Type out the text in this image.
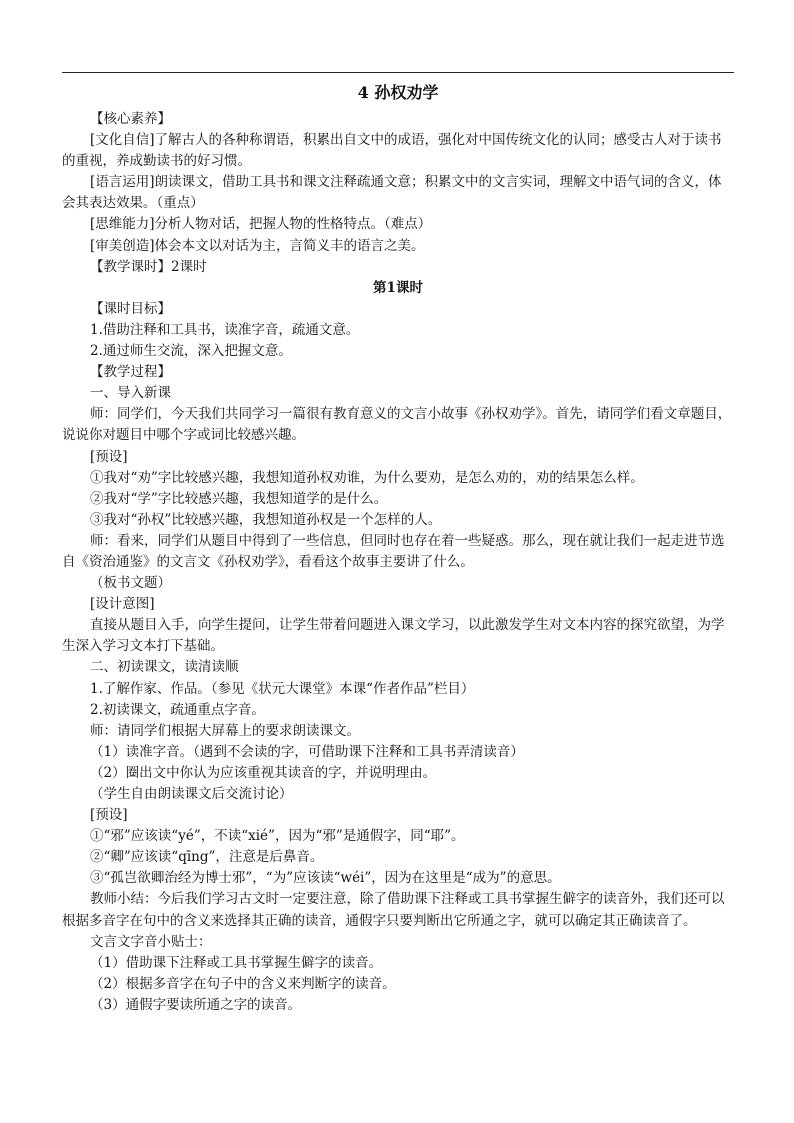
4 孙权劝学

【核心素养】

[文化自信]了解古人的各种称谓语，积累出自文中的成语，强化对中国传统文化的认同；感受古人对于读书的重视，养成勤读书的好习惯。

[语言运用]朗读课文，借助工具书和课文注释疏通文意；积累文中的文言实词，理解文中语气词的含义，体会其表达效果。（重点）

[思维能力]分析人物对话，把握人物的性格特点。（难点）

[审美创造]体会本文以对话为主，言简义丰的语言之美。

【教学课时】2课时

第1课时

【课时目标】

1.借助注释和工具书，读准字音，疏通文意。

2.通过师生交流，深入把握文意。

【教学过程】

一、导入新课

师：同学们，今天我们共同学习一篇很有教育意义的文言小故事《孙权劝学》。首先，请同学们看文章题目，说说你对题目中哪个字或词比较感兴趣。

[预设]

①我对“劝”字比较感兴趣，我想知道孙权劝谁，为什么要劝，是怎么劝的，劝的结果怎么样。

②我对“学”字比较感兴趣，我想知道学的是什么。

③我对“孙权”比较感兴趣，我想知道孙权是一个怎样的人。

师：看来，同学们从题目中得到了一些信息，但同时也存在着一些疑惑。那么，现在就让我们一起走进节选自《资治通鉴》的文言文《孙权劝学》，看看这个故事主要讲了什么。

（板书文题）

[设计意图]

直接从题目入手，向学生提问，让学生带着问题进入课文学习，以此激发学生对文本内容的探究欲望，为学生深入学习文本打下基础。

二、初读课文，读清读顺

1.了解作家、作品。（参见《状元大课堂》本课“作者作品”栏目）

2.初读课文，疏通重点字音。

师：请同学们根据大屏幕上的要求朗读课文。

（1）读准字音。（遇到不会读的字，可借助课下注释和工具书弄清读音）

（2）圈出文中你认为应该重视其读音的字，并说明理由。

（学生自由朗读课文后交流讨论）

[预设]

①“邪”应该读“yé”，不读“xié”，因为“邪”是通假字，同“耶”。

②“卿”应该读“qīng”，注意是后鼻音。

③“孤岂欲卿治经为博士邪”，“为”应该读“wéi”，因为在这里是“成为”的意思。

教师小结：今后我们学习古文时一定要注意，除了借助课下注释或工具书掌握生僻字的读音外，我们还可以根据多音字在句中的含义来选择其正确的读音，通假字只要判断出它所通之字，就可以确定其正确读音了。

文言文字音小贴士：

（1）借助课下注释或工具书掌握生僻字的读音。

（2）根据多音字在句子中的含义来判断字的读音。

（3）通假字要读所通之字的读音。
